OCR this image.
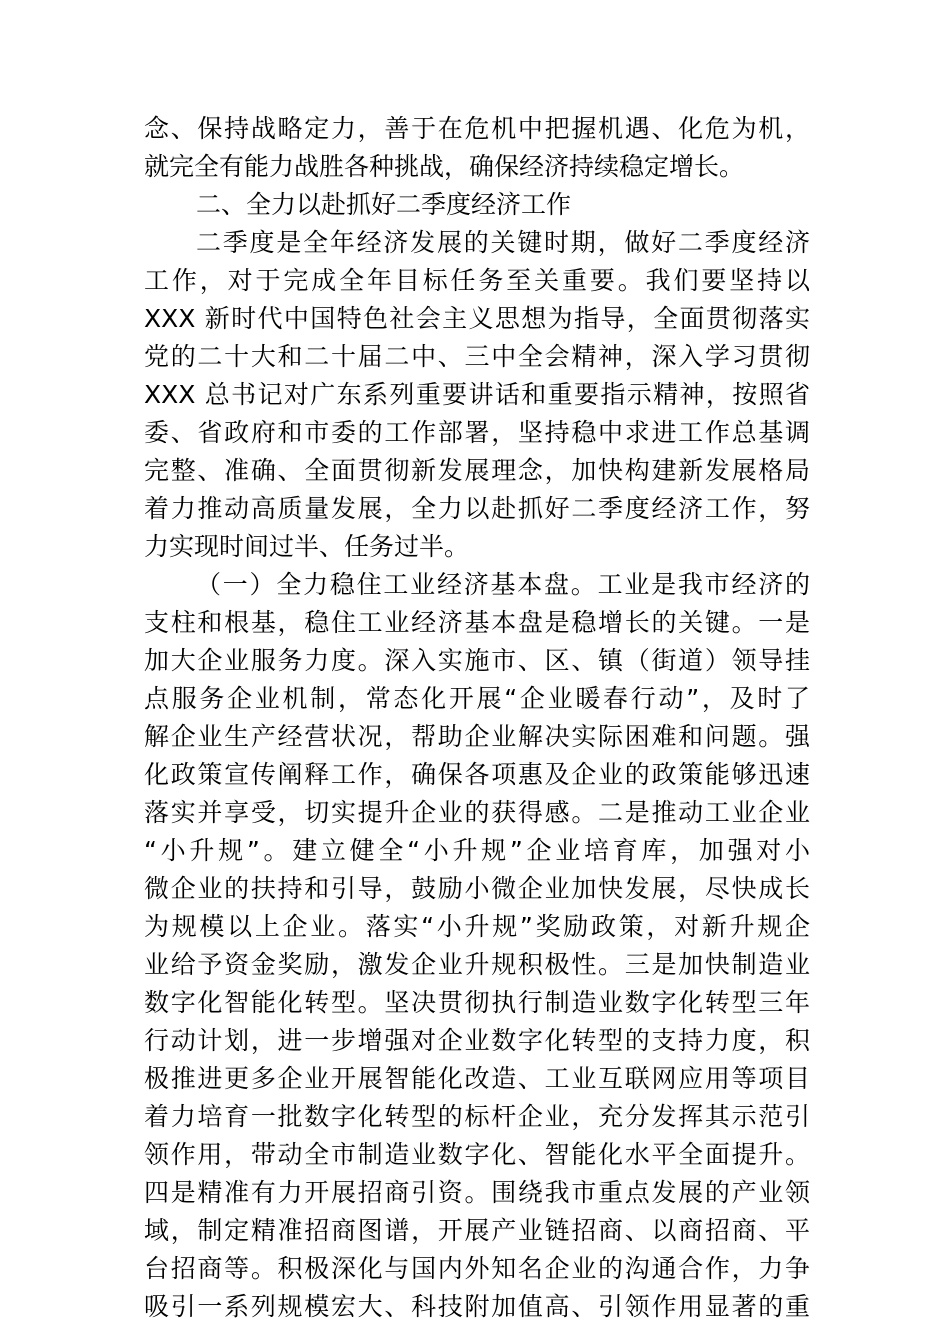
念、保持战略定力，善于在危机中把握机遇、化危为机，
就完全有能力战胜各种挑战，确保经济持续稳定增长。
二、全力以赴抓好二季度经济工作
二季度是全年经济发展的关键时期，做好二季度经济
工作，对于完成全年目标任务至关重要。我们要坚持以
XXX 新时代中国特色社会主义思想为指导，全面贯彻落实
党的二十大和二十届二中、三中全会精神，深入学习贯彻
XXX 总书记对广东系列重要讲话和重要指示精神，按照省
委、省政府和市委的工作部署，坚持稳中求进工作总基调
完整、准确、全面贯彻新发展理念，加快构建新发展格局
着力推动高质量发展，全力以赴抓好二季度经济工作，努
力实现时间过半、任务过半。
（一）全力稳住工业经济基本盘。工业是我市经济的
支柱和根基，稳住工业经济基本盘是稳增长的关键。一是
加大企业服务力度。深入实施市、区、镇（街道）领导挂
点服务企业机制，常态化开展“企业暖春行动”，及时了
解企业生产经营状况，帮助企业解决实际困难和问题。强
化政策宣传阐释工作，确保各项惠及企业的政策能够迅速
落实并享受，切实提升企业的获得感。二是推动工业企业
“小升规”。建立健全“小升规”企业培育库，加强对小
微企业的扶持和引导，鼓励小微企业加快发展，尽快成长
为规模以上企业。落实“小升规”奖励政策，对新升规企
业给予资金奖励，激发企业升规积极性。三是加快制造业
数字化智能化转型。坚决贯彻执行制造业数字化转型三年
行动计划，进一步增强对企业数字化转型的支持力度，积
极推进更多企业开展智能化改造、工业互联网应用等项目
着力培育一批数字化转型的标杆企业，充分发挥其示范引
领作用，带动全市制造业数字化、智能化水平全面提升。
四是精准有力开展招商引资。围绕我市重点发展的产业领
域，制定精准招商图谱，开展产业链招商、以商招商、平
台招商等。积极深化与国内外知名企业的沟通合作，力争
吸引一系列规模宏大、科技附加值高、引领作用显著的重
